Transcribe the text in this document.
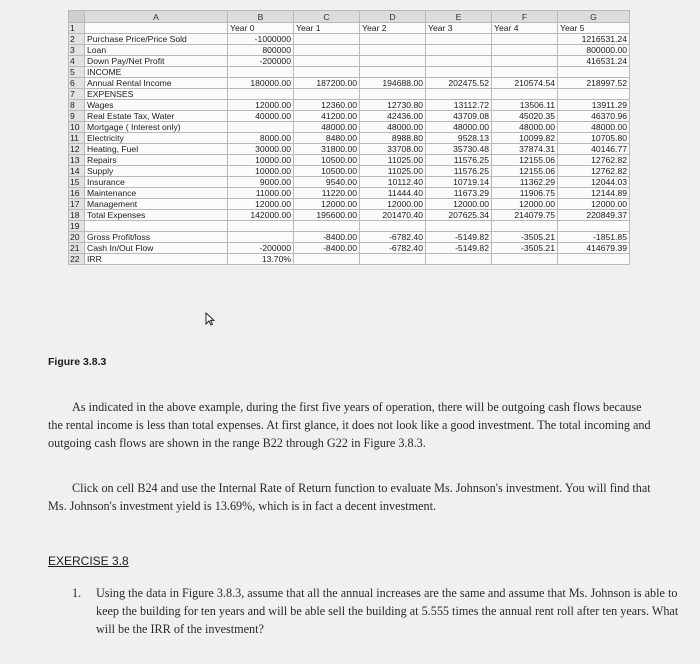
	A	B	C	D	E	F	G
1		Year 0	Year 1	Year 2	Year 3	Year 4	Year 5
2	Purchase Price/Price Sold	-1000000					1216531.24
3	Loan	800000					800000.00
4	Down Pay/Net Profit	-200000					416531.24
5	INCOME						
6	Annual Rental Income	180000.00	187200.00	194688.00	202475.52	210574.54	218997.52
7	EXPENSES						
8	Wages	12000.00	12360.00	12730.80	13112.72	13506.11	13911.29
9	Real Estate Tax, Water	40000.00	41200.00	42436.00	43709.08	45020.35	46370.96
10	Mortgage ( Interest only)		48000.00	48000.00	48000.00	48000.00	48000.00
11	Electricity	8000.00	8480.00	8988.80	9528.13	10099.82	10705.80
12	Heating, Fuel	30000.00	31800.00	33708.00	35730.48	37874.31	40146.77
13	Repairs	10000.00	10500.00	11025.00	11576.25	12155.06	12762.82
14	Supply	10000.00	10500.00	11025.00	11576.25	12155.06	12762.82
15	Insurance	9000.00	9540.00	10112.40	10719.14	11362.29	12044.03
16	Maintenance	11000.00	11220.00	11444.40	11673.29	11906.75	12144.89
17	Management	12000.00	12000.00	12000.00	12000.00	12000.00	12000.00
18	Total Expenses	142000.00	195600.00	201470.40	207625.34	214079.75	220849.37
19							
20	Gross Profit/loss		-8400.00	-6782.40	-5149.82	-3505.21	-1851.85
21	Cash In/Out Flow	-200000	-8400.00	-6782.40	-5149.82	-3505.21	414679.39
22	IRR	13.70%					

Figure 3.8.3

As indicated in the above example, during the first five years of operation, there will be outgoing cash flows because the rental income is less than total expenses. At first glance, it does not look like a good investment. The total incoming and outgoing cash flows are shown in the range B22 through G22 in Figure 3.8.3.

Click on cell B24 and use the Internal Rate of Return function to evaluate Ms. Johnson's investment. You will find that Ms. Johnson's investment yield is 13.69%, which is in fact a decent investment.

EXERCISE 3.8
1. Using the data in Figure 3.8.3, assume that all the annual increases are the same and assume that Ms. Johnson is able to keep the building for ten years and will be able sell the building at 5.555 times the annual rent roll after ten years. What will be the IRR of the investment?
